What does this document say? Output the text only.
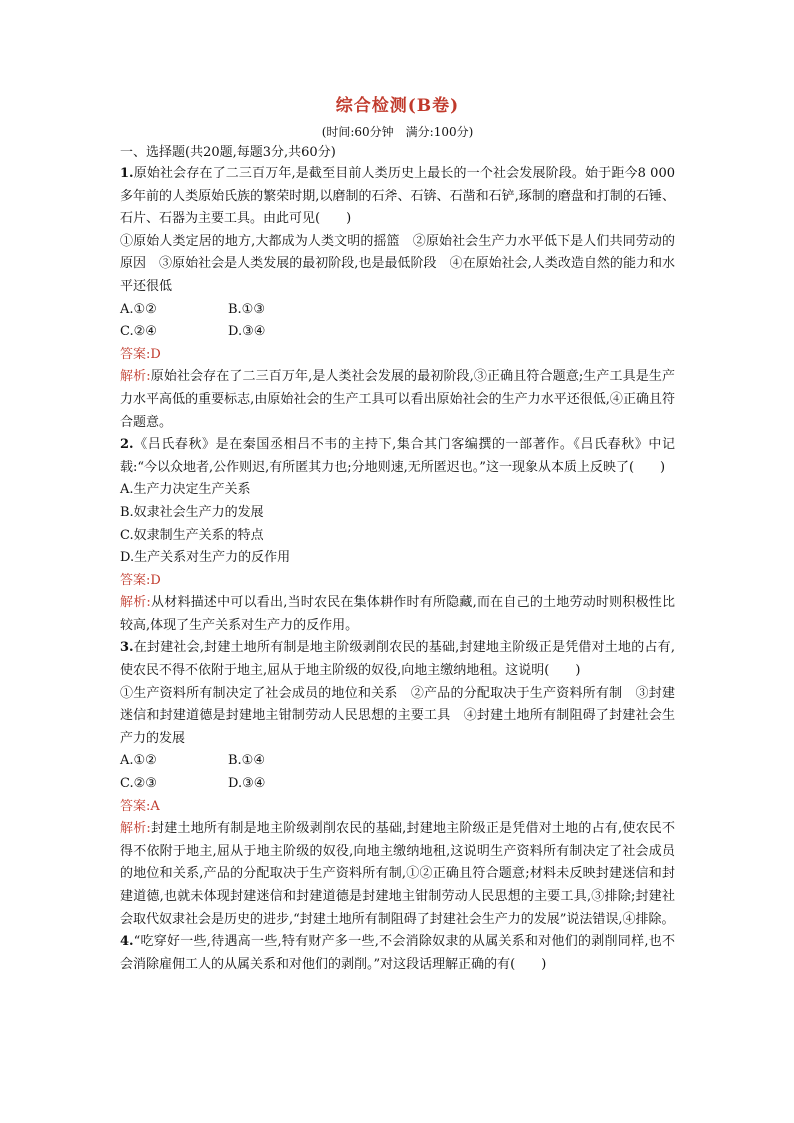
综合检测(B卷)
(时间:60分钟　满分:100分)
一、选择题(共20题,每题3分,共60分)

1.原始社会存在了二三百万年,是截至目前人类历史上最长的一个社会发展阶段。始于距今8 000多年前的人类原始氏族的繁荣时期,以磨制的石斧、石锛、石凿和石铲,琢制的磨盘和打制的石锤、石片、石器为主要工具。由此可见(　　)

①原始人类定居的地方,大都成为人类文明的摇篮　②原始社会生产力水平低下是人们共同劳动的原因　③原始社会是人类发展的最初阶段,也是最低阶段　④在原始社会,人类改造自然的能力和水平还很低

A.①②	B.①③
C.②④	D.③④

答案:D

解析:原始社会存在了二三百万年,是人类社会发展的最初阶段,③正确且符合题意;生产工具是生产力水平高低的重要标志,由原始社会的生产工具可以看出原始社会的生产力水平还很低,④正确且符合题意。

2.《吕氏春秋》是在秦国丞相吕不韦的主持下,集合其门客编撰的一部著作。《吕氏春秋》中记载:“今以众地者,公作则迟,有所匿其力也;分地则速,无所匿迟也。”这一现象从本质上反映了(　　)

A.生产力决定生产关系

B.奴隶社会生产力的发展

C.奴隶制生产关系的特点

D.生产关系对生产力的反作用

答案:D

解析:从材料描述中可以看出,当时农民在集体耕作时有所隐藏,而在自己的土地劳动时则积极性比较高,体现了生产关系对生产力的反作用。

3.在封建社会,封建土地所有制是地主阶级剥削农民的基础,封建地主阶级正是凭借对土地的占有,使农民不得不依附于地主,屈从于地主阶级的奴役,向地主缴纳地租。这说明(　　)

①生产资料所有制决定了社会成员的地位和关系　②产品的分配取决于生产资料所有制　③封建迷信和封建道德是封建地主钳制劳动人民思想的主要工具　④封建土地所有制阻碍了封建社会生产力的发展

A.①②	B.①④
C.②③	D.③④

答案:A

解析:封建土地所有制是地主阶级剥削农民的基础,封建地主阶级正是凭借对土地的占有,使农民不得不依附于地主,屈从于地主阶级的奴役,向地主缴纳地租,这说明生产资料所有制决定了社会成员的地位和关系,产品的分配取决于生产资料所有制,①②正确且符合题意;材料未反映封建迷信和封建道德,也就未体现封建迷信和封建道德是封建地主钳制劳动人民思想的主要工具,③排除;封建社会取代奴隶社会是历史的进步,“封建土地所有制阻碍了封建社会生产力的发展”说法错误,④排除。

4.“吃穿好一些,待遇高一些,特有财产多一些,不会消除奴隶的从属关系和对他们的剥削同样,也不会消除雇佣工人的从属关系和对他们的剥削。”对这段话理解正确的有(　　)
